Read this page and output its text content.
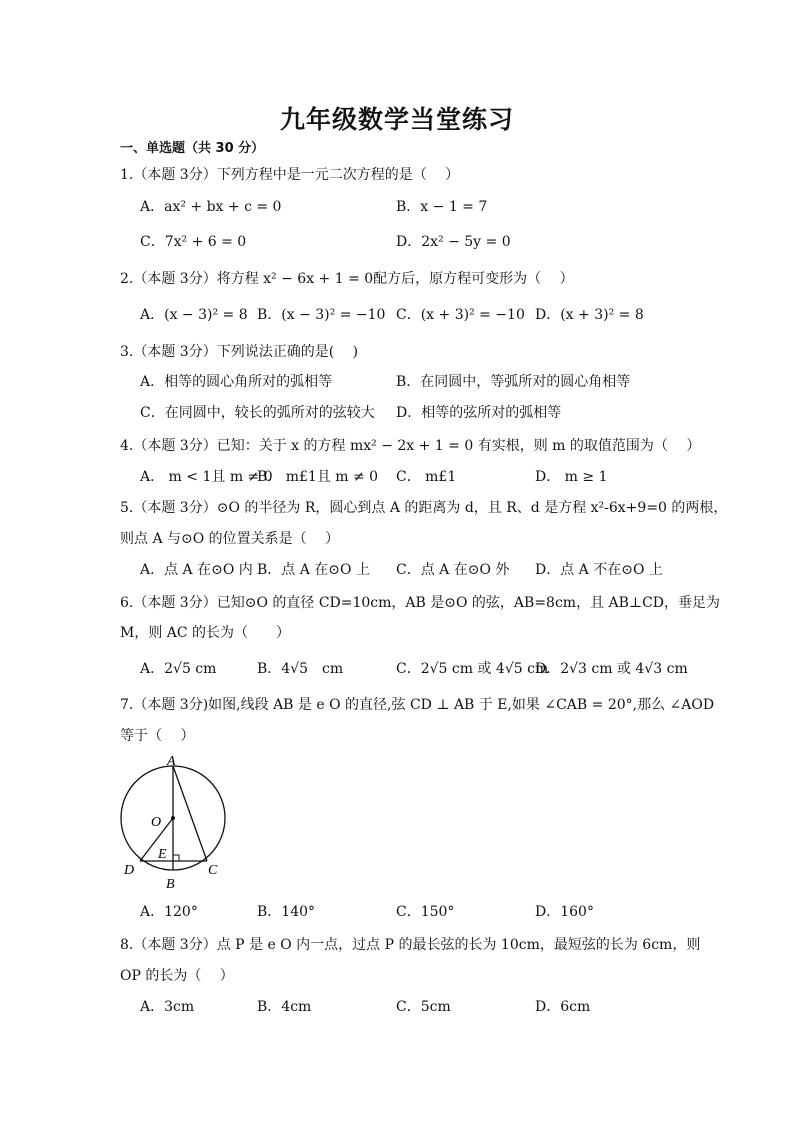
九年级数学当堂练习
一、单选题（共 30 分）
1.（本题 3分）下列方程中是一元二次方程的是（　 ）
A．ax² + bx + c = 0	B．x − 1 = 7
C．7x² + 6 = 0	D．2x² − 5y = 0
2.（本题 3分）将方程 x² − 6x + 1 = 0配方后，原方程可变形为（　 ）
A．(x − 3)² = 8 B．(x − 3)² = −10 C．(x + 3)² = −10 D．(x + 3)² = 8
3.（本题 3分）下列说法正确的是(　 )
A．相等的圆心角所对的弧相等	B．在同圆中，等弧所对的圆心角相等
C．在同圆中，较长的弧所对的弦较大 D．相等的弦所对的弧相等
4.（本题 3分）已知：关于 x 的方程 mx² − 2x + 1 = 0 有实根，则 m 的取值范围为（　 ）
A． m < 1且 m ≠ 0
B． m£1且 m ≠ 0 C． m£1	D． m ≥ 1
5.（本题 3分）⊙O 的半径为 R，圆心到点 A 的距离为 d，且 R、d 是方程 x²-6x+9=0 的两根，
则点 A 与⊙O 的位置关系是（　 ）
A．点 A 在⊙O 内 B．点 A 在⊙O 上 C．点 A 在⊙O 外 D．点 A 不在⊙O 上
6.（本题 3分）已知⊙O 的直径 CD=10cm，AB 是⊙O 的弦，AB=8cm，且 AB⊥CD，垂足为
M，则 AC 的长为（　　）
A．2√5 cm	B．4√5　cm	C．2√5 cm 或 4√5 cm
D．2√3 cm 或 4√3 cm
7.（本题 3分)如图,线段 AB 是 e O 的直径,弦 CD ⊥ AB 于 E,如果 ∠CAB = 20°,那么 ∠AOD
等于（　 ）
A
O
E
D
B
C
A．120°	B．140°	C．150°	D．160°
8.（本题 3分）点 P 是 e O 内一点，过点 P 的最长弦的长为 10cm，最短弦的长为 6cm，则
OP 的长为（　 ）
A．3cm	B．4cm	C．5cm	D．6cm
